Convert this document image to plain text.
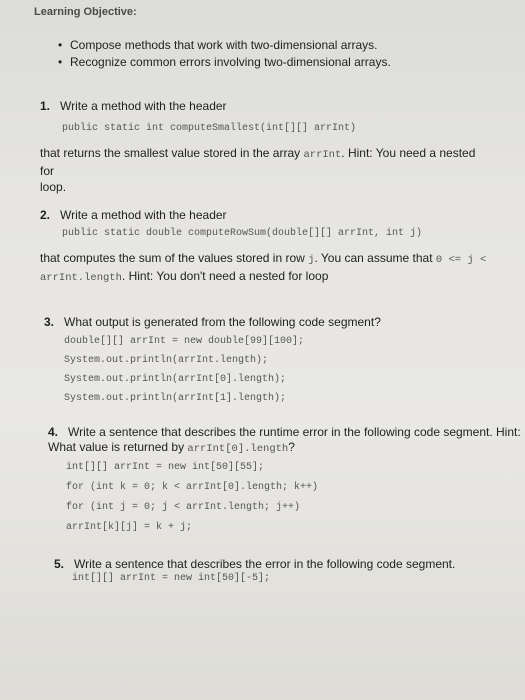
Learning Objective:
• Compose methods that work with two-dimensional arrays.
• Recognize common errors involving two-dimensional arrays.
1. Write a method with the header
public static int computeSmallest(int[][] arrInt)
that returns the smallest value stored in the array arrInt. Hint: You need a nested for
loop.
2. Write a method with the header
public static double computeRowSum(double[][] arrInt, int j)
that computes the sum of the values stored in row j. You can assume that 0 <= j <
arrInt.length. Hint: You don't need a nested for loop
3. What output is generated from the following code segment?
double[][] arrInt = new double[99][100];
System.out.println(arrInt.length);
System.out.println(arrInt[0].length);
System.out.println(arrInt[1].length);
4. Write a sentence that describes the runtime error in the following code segment. Hint:
What value is returned by arrInt[0].length?
int[][] arrInt = new int[50][55];
for (int k = 0; k < arrInt[0].length; k++)
for (int j = 0; j < arrInt.length; j++)
arrInt[k][j] = k + j;
5. Write a sentence that describes the error in the following code segment.
int[][] arrInt = new int[50][-5];
